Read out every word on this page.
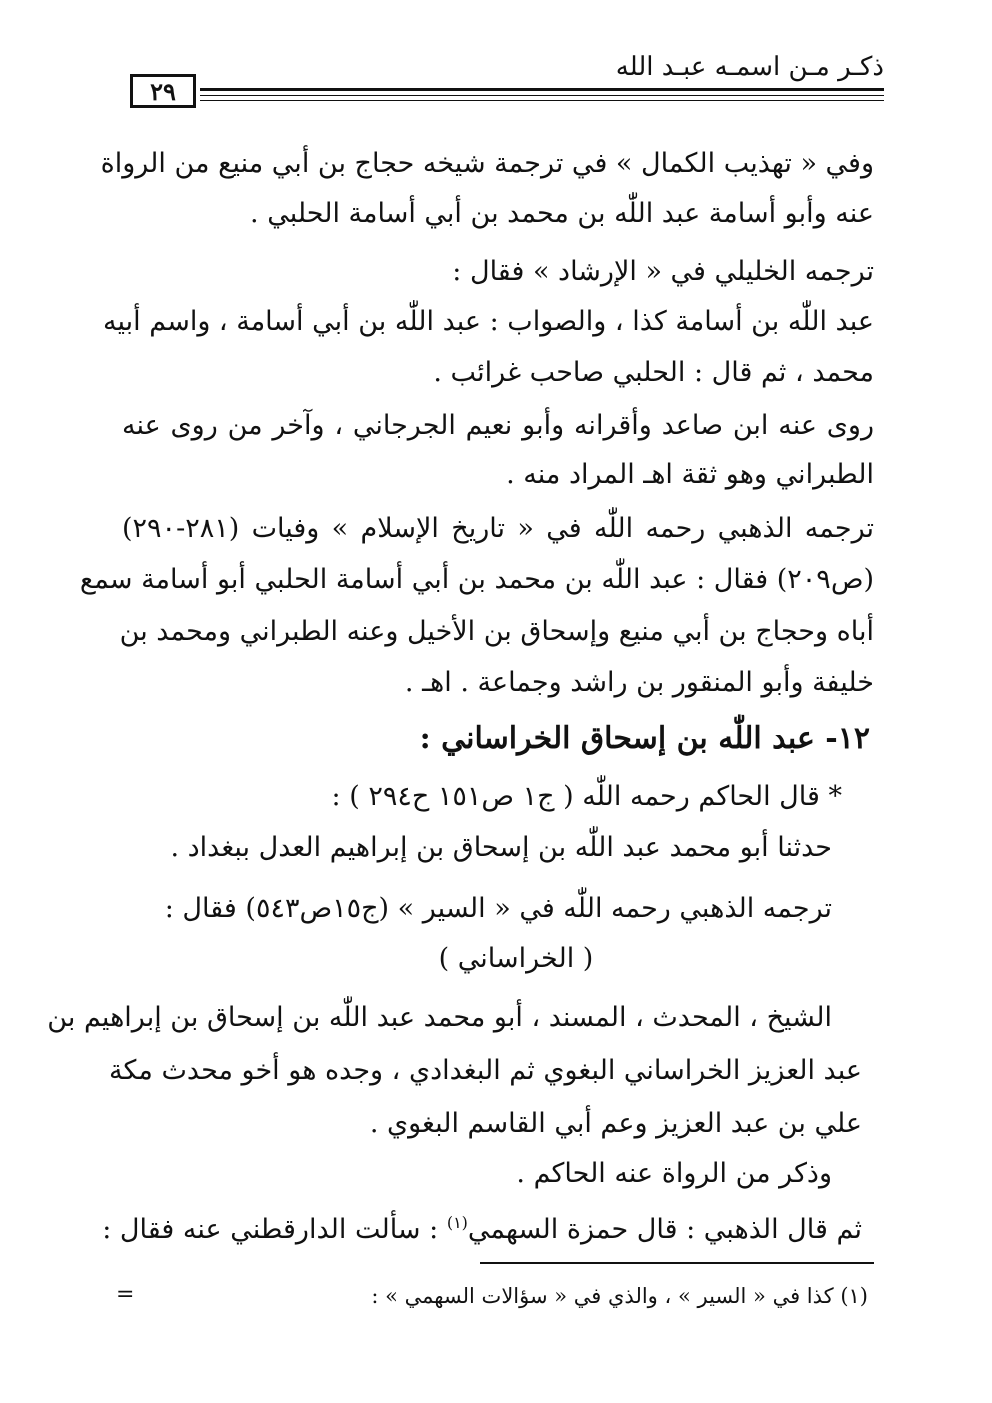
ذكـر مـن اسمـه عبـد الله
٢٩
وفي « تهذيب الكمال » في ترجمة شيخه حجاج بن أبي منيع من الرواة
عنه وأبو أسامة عبد اللّٰه بن محمد بن أبي أسامة الحلبي .
ترجمه الخليلي في « الإرشاد » فقال :
عبد اللّٰه بن أسامة كذا ، والصواب : عبد اللّٰه بن أبي أسامة ، واسم أبيه
محمد ، ثم قال : الحلبي صاحب غرائب .
روى عنه ابن صاعد وأقرانه وأبو نعيم الجرجاني ، وآخر من روى عنه
الطبراني وهو ثقة اهـ المراد منه .
ترجمه الذهبي رحمه اللّٰه في « تاريخ الإسلام » وفيات (٢٨١-٢٩٠)
(ص٢٠٩) فقال : عبد اللّٰه بن محمد بن أبي أسامة الحلبي أبو أسامة سمع
أباه وحجاج بن أبي منيع وإسحاق بن الأخيل وعنه الطبراني ومحمد بن
خليفة وأبو المنقور بن راشد وجماعة . اهـ .
١٢- عبد اللّٰه بن إسحاق الخراساني :
* قال الحاكم رحمه اللّٰه ( ج١ ص١٥١ ح٢٩٤ ) :
حدثنا أبو محمد عبد اللّٰه بن إسحاق بن إبراهيم العدل ببغداد .
ترجمه الذهبي رحمه اللّٰه في « السير » (ج١٥ص٥٤٣) فقال :
( الخراساني )
الشيخ ، المحدث ، المسند ، أبو محمد عبد اللّٰه بن إسحاق بن إبراهيم بن
عبد العزيز الخراساني البغوي ثم البغدادي ، وجده هو أخو محدث مكة
علي بن عبد العزيز وعم أبي القاسم البغوي .
وذكر من الرواة عنه الحاكم .
ثم قال الذهبي : قال حمزة السهمي$^{(١)}$ : سألت الدارقطني عنه فقال :
(١) كذا في « السير » ، والذي في « سؤالات السهمي » :
=
